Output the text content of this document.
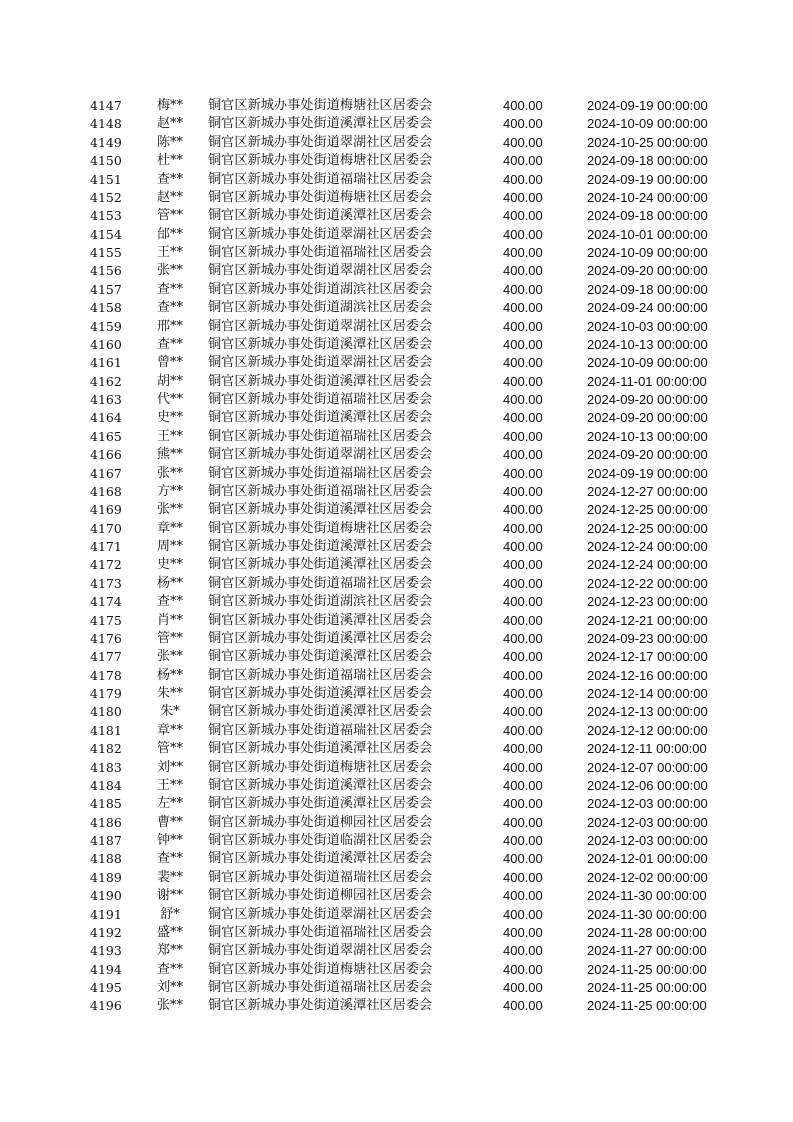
4147	梅**	铜官区新城办事处街道梅塘社区居委会	400.00	2024-09-19 00:00:00
4148	赵**	铜官区新城办事处街道溪潭社区居委会	400.00	2024-10-09 00:00:00
4149	陈**	铜官区新城办事处街道翠湖社区居委会	400.00	2024-10-25 00:00:00
4150	杜**	铜官区新城办事处街道梅塘社区居委会	400.00	2024-09-18 00:00:00
4151	查**	铜官区新城办事处街道福瑞社区居委会	400.00	2024-09-19 00:00:00
4152	赵**	铜官区新城办事处街道梅塘社区居委会	400.00	2024-10-24 00:00:00
4153	管**	铜官区新城办事处街道溪潭社区居委会	400.00	2024-09-18 00:00:00
4154	邰**	铜官区新城办事处街道翠湖社区居委会	400.00	2024-10-01 00:00:00
4155	王**	铜官区新城办事处街道福瑞社区居委会	400.00	2024-10-09 00:00:00
4156	张**	铜官区新城办事处街道翠湖社区居委会	400.00	2024-09-20 00:00:00
4157	查**	铜官区新城办事处街道湖滨社区居委会	400.00	2024-09-18 00:00:00
4158	查**	铜官区新城办事处街道湖滨社区居委会	400.00	2024-09-24 00:00:00
4159	邢**	铜官区新城办事处街道翠湖社区居委会	400.00	2024-10-03 00:00:00
4160	查**	铜官区新城办事处街道溪潭社区居委会	400.00	2024-10-13 00:00:00
4161	曾**	铜官区新城办事处街道翠湖社区居委会	400.00	2024-10-09 00:00:00
4162	胡**	铜官区新城办事处街道溪潭社区居委会	400.00	2024-11-01 00:00:00
4163	代**	铜官区新城办事处街道福瑞社区居委会	400.00	2024-09-20 00:00:00
4164	史**	铜官区新城办事处街道溪潭社区居委会	400.00	2024-09-20 00:00:00
4165	王**	铜官区新城办事处街道福瑞社区居委会	400.00	2024-10-13 00:00:00
4166	熊**	铜官区新城办事处街道翠湖社区居委会	400.00	2024-09-20 00:00:00
4167	张**	铜官区新城办事处街道福瑞社区居委会	400.00	2024-09-19 00:00:00
4168	方**	铜官区新城办事处街道福瑞社区居委会	400.00	2024-12-27 00:00:00
4169	张**	铜官区新城办事处街道溪潭社区居委会	400.00	2024-12-25 00:00:00
4170	章**	铜官区新城办事处街道梅塘社区居委会	400.00	2024-12-25 00:00:00
4171	周**	铜官区新城办事处街道溪潭社区居委会	400.00	2024-12-24 00:00:00
4172	史**	铜官区新城办事处街道溪潭社区居委会	400.00	2024-12-24 00:00:00
4173	杨**	铜官区新城办事处街道福瑞社区居委会	400.00	2024-12-22 00:00:00
4174	查**	铜官区新城办事处街道湖滨社区居委会	400.00	2024-12-23 00:00:00
4175	肖**	铜官区新城办事处街道溪潭社区居委会	400.00	2024-12-21 00:00:00
4176	管**	铜官区新城办事处街道溪潭社区居委会	400.00	2024-09-23 00:00:00
4177	张**	铜官区新城办事处街道溪潭社区居委会	400.00	2024-12-17 00:00:00
4178	杨**	铜官区新城办事处街道福瑞社区居委会	400.00	2024-12-16 00:00:00
4179	朱**	铜官区新城办事处街道溪潭社区居委会	400.00	2024-12-14 00:00:00
4180	朱*	铜官区新城办事处街道溪潭社区居委会	400.00	2024-12-13 00:00:00
4181	章**	铜官区新城办事处街道福瑞社区居委会	400.00	2024-12-12 00:00:00
4182	管**	铜官区新城办事处街道溪潭社区居委会	400.00	2024-12-11 00:00:00
4183	刘**	铜官区新城办事处街道梅塘社区居委会	400.00	2024-12-07 00:00:00
4184	王**	铜官区新城办事处街道溪潭社区居委会	400.00	2024-12-06 00:00:00
4185	左**	铜官区新城办事处街道溪潭社区居委会	400.00	2024-12-03 00:00:00
4186	曹**	铜官区新城办事处街道柳园社区居委会	400.00	2024-12-03 00:00:00
4187	钟**	铜官区新城办事处街道临湖社区居委会	400.00	2024-12-03 00:00:00
4188	查**	铜官区新城办事处街道溪潭社区居委会	400.00	2024-12-01 00:00:00
4189	裴**	铜官区新城办事处街道福瑞社区居委会	400.00	2024-12-02 00:00:00
4190	谢**	铜官区新城办事处街道柳园社区居委会	400.00	2024-11-30 00:00:00
4191	舒*	铜官区新城办事处街道翠湖社区居委会	400.00	2024-11-30 00:00:00
4192	盛**	铜官区新城办事处街道福瑞社区居委会	400.00	2024-11-28 00:00:00
4193	郑**	铜官区新城办事处街道翠湖社区居委会	400.00	2024-11-27 00:00:00
4194	查**	铜官区新城办事处街道梅塘社区居委会	400.00	2024-11-25 00:00:00
4195	刘**	铜官区新城办事处街道福瑞社区居委会	400.00	2024-11-25 00:00:00
4196	张**	铜官区新城办事处街道溪潭社区居委会	400.00	2024-11-25 00:00:00
